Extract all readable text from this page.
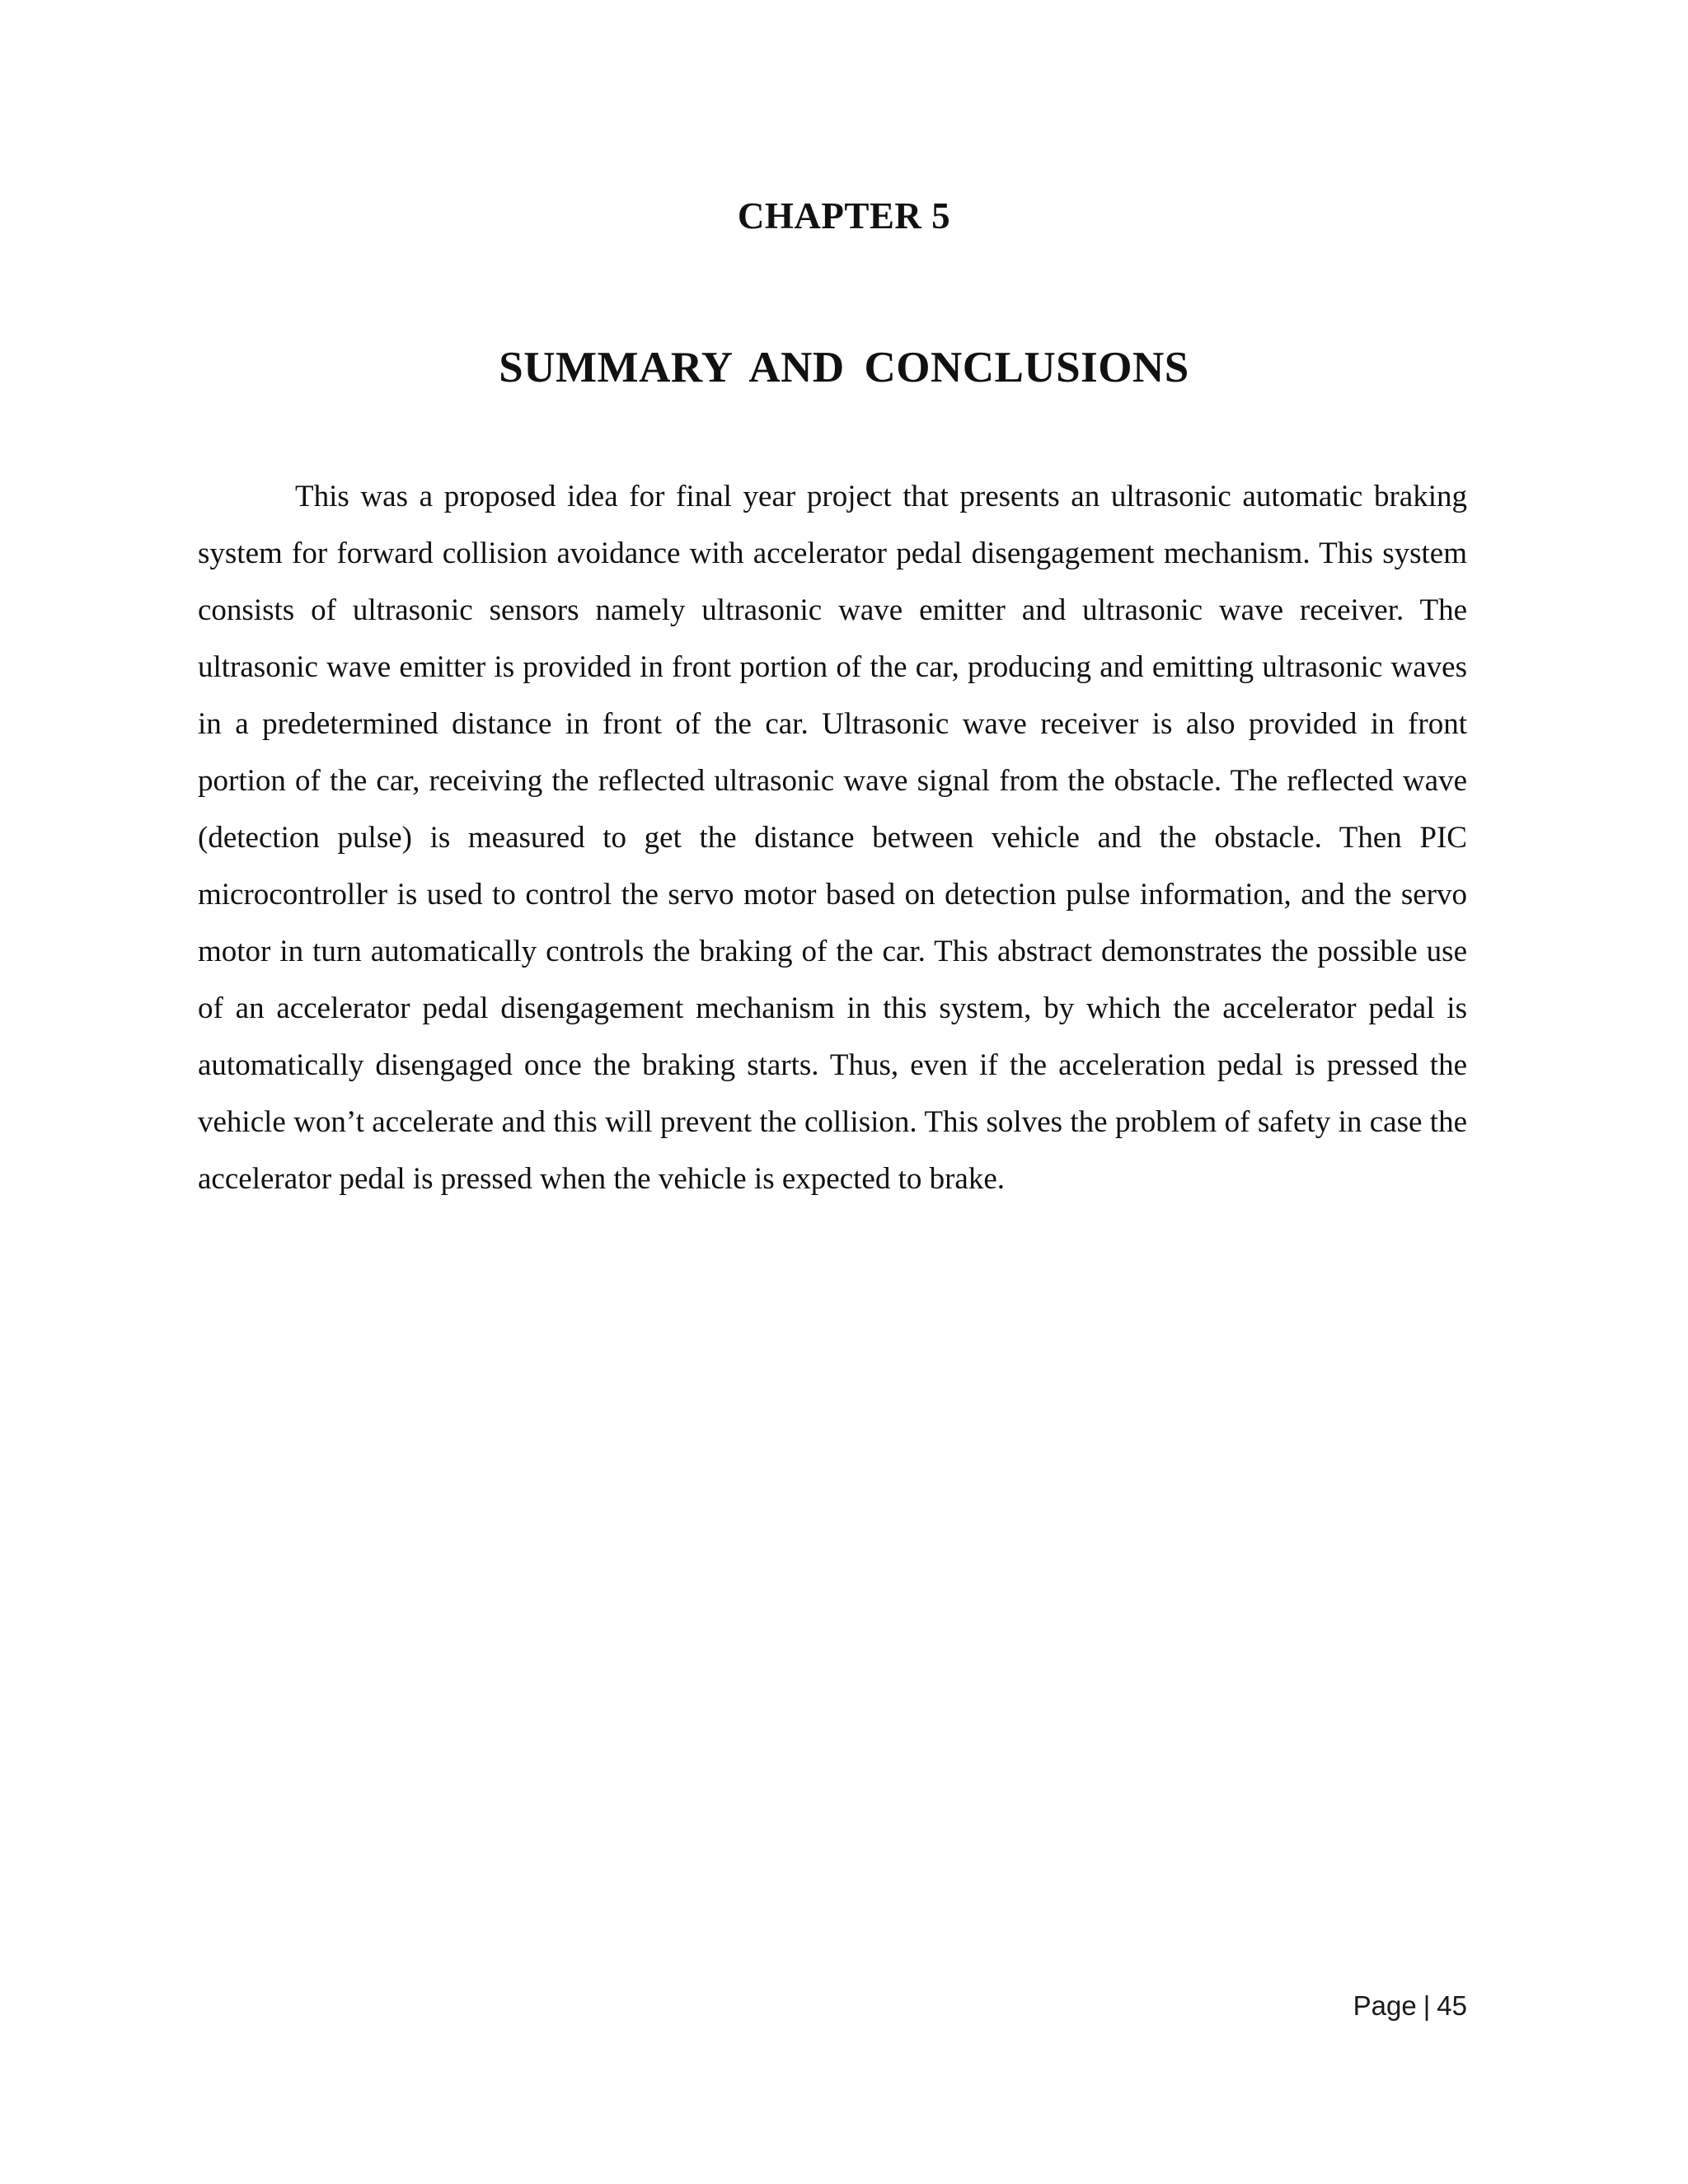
CHAPTER 5
SUMMARY AND CONCLUSIONS

This was a proposed idea for final year project that presents an ultrasonic automatic braking system for forward collision avoidance with accelerator pedal disengagement mechanism. This system consists of ultrasonic sensors namely ultrasonic wave emitter and ultrasonic wave receiver. The ultrasonic wave emitter is provided in front portion of the car, producing and emitting ultrasonic waves in a predetermined distance in front of the car. Ultrasonic wave receiver is also provided in front portion of the car, receiving the reflected ultrasonic wave signal from the obstacle. The reflected wave (detection pulse) is measured to get the distance between vehicle and the obstacle. Then PIC microcontroller is used to control the servo motor based on detection pulse information, and the servo motor in turn automatically controls the braking of the car. This abstract demonstrates the possible use of an accelerator pedal disengagement mechanism in this system, by which the accelerator pedal is automatically disengaged once the braking starts. Thus, even if the acceleration pedal is pressed the vehicle won’t accelerate and this will prevent the collision. This solves the problem of safety in case the accelerator pedal is pressed when the vehicle is expected to brake.

Page | 45
